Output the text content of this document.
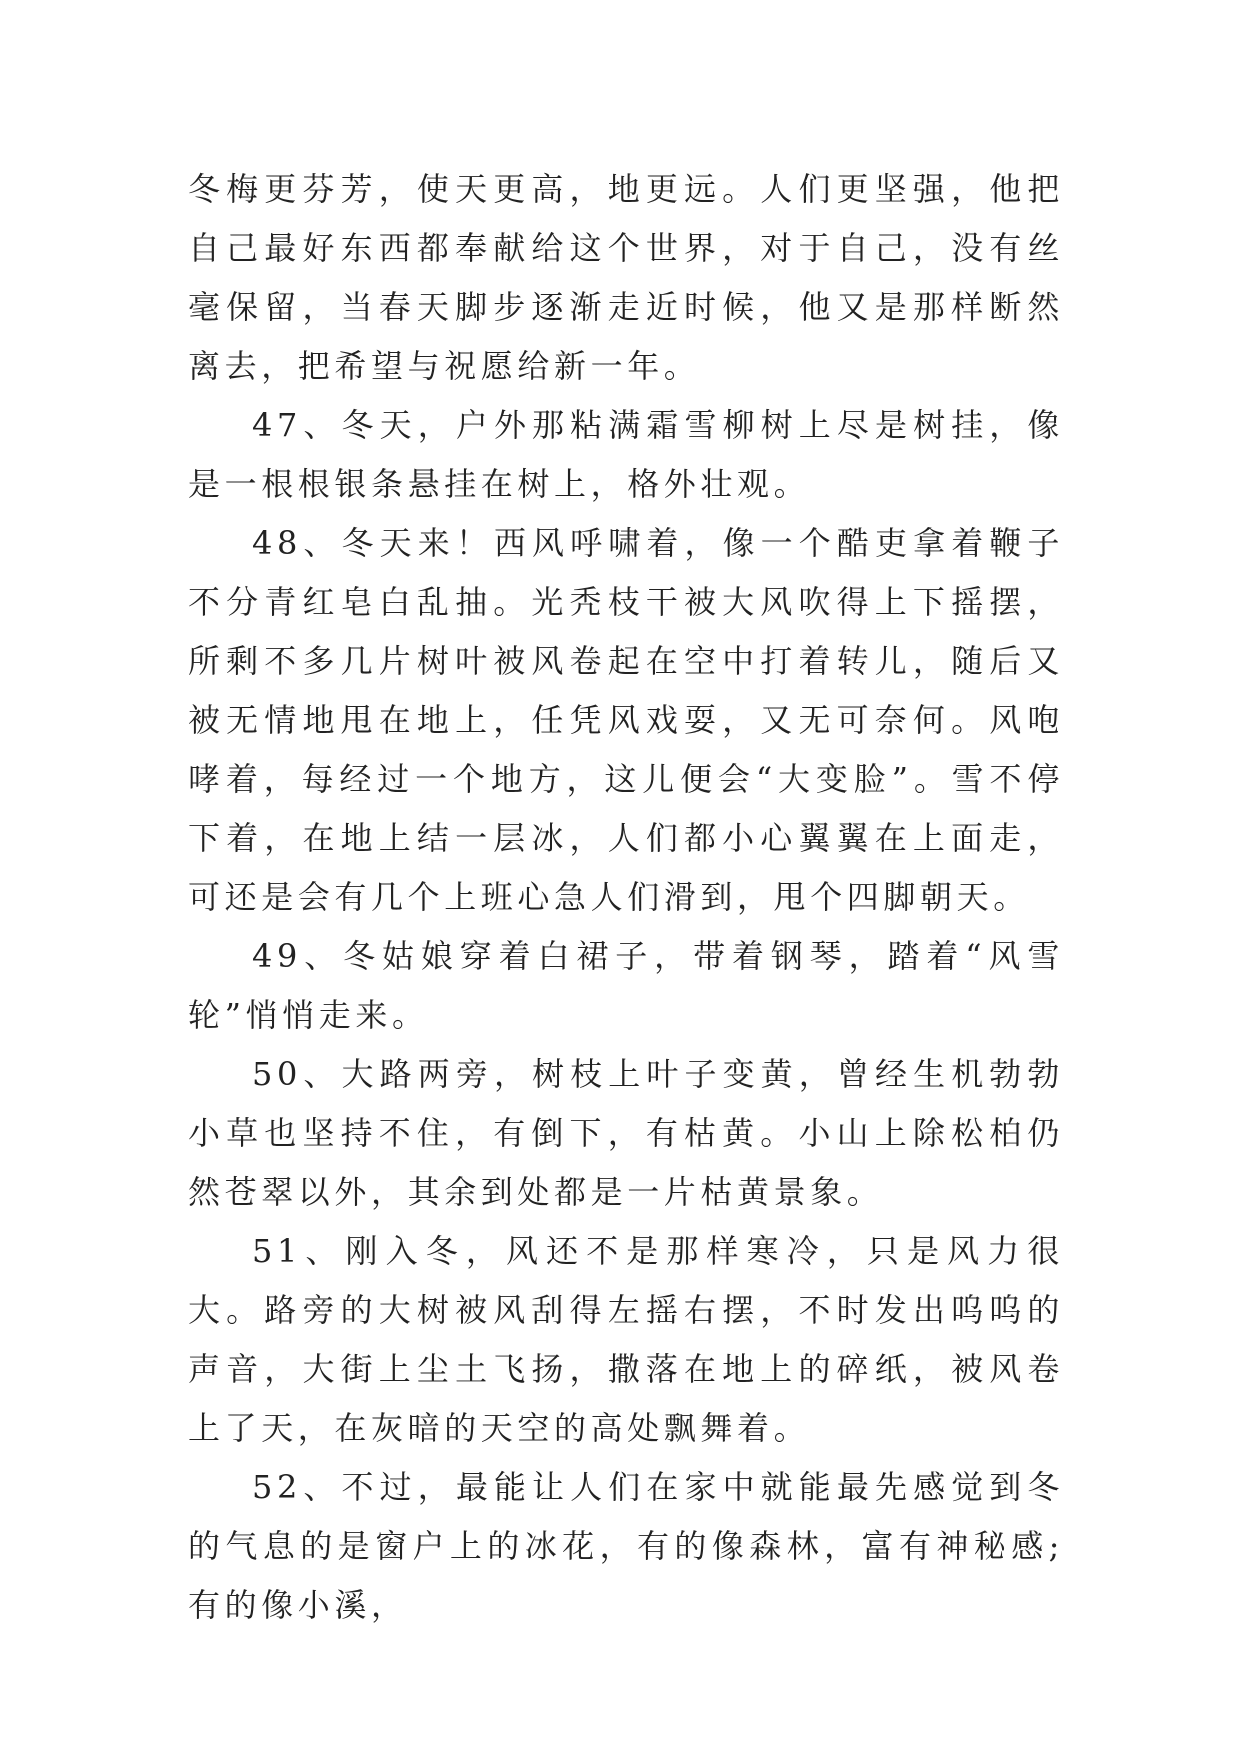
冬梅更芬芳，使天更高，地更远。人们更坚强，他把自己最好东西都奉献给这个世界，对于自己，没有丝毫保留，当春天脚步逐渐走近时候，他又是那样断然离去，把希望与祝愿给新一年。

47、冬天，户外那粘满霜雪柳树上尽是树挂，像是一根根银条悬挂在树上，格外壮观。

48、冬天来！西风呼啸着，像一个酷吏拿着鞭子不分青红皂白乱抽。光秃枝干被大风吹得上下摇摆，所剩不多几片树叶被风卷起在空中打着转儿，随后又被无情地甩在地上，任凭风戏耍，又无可奈何。风咆哮着，每经过一个地方，这儿便会“大变脸”。雪不停下着，在地上结一层冰，人们都小心翼翼在上面走，可还是会有几个上班心急人们滑到，甩个四脚朝天。

49、冬姑娘穿着白裙子，带着钢琴，踏着“风雪轮”悄悄走来。

50、大路两旁，树枝上叶子变黄，曾经生机勃勃小草也坚持不住，有倒下，有枯黄。小山上除松柏仍然苍翠以外，其余到处都是一片枯黄景象。

51、刚入冬，风还不是那样寒冷，只是风力很大。路旁的大树被风刮得左摇右摆，不时发出呜呜的声音，大街上尘土飞扬，撒落在地上的碎纸，被风卷上了天，在灰暗的天空的高处飘舞着。

52、不过，最能让人们在家中就能最先感觉到冬的气息的是窗户上的冰花，有的像森林，富有神秘感;有的像小溪，
